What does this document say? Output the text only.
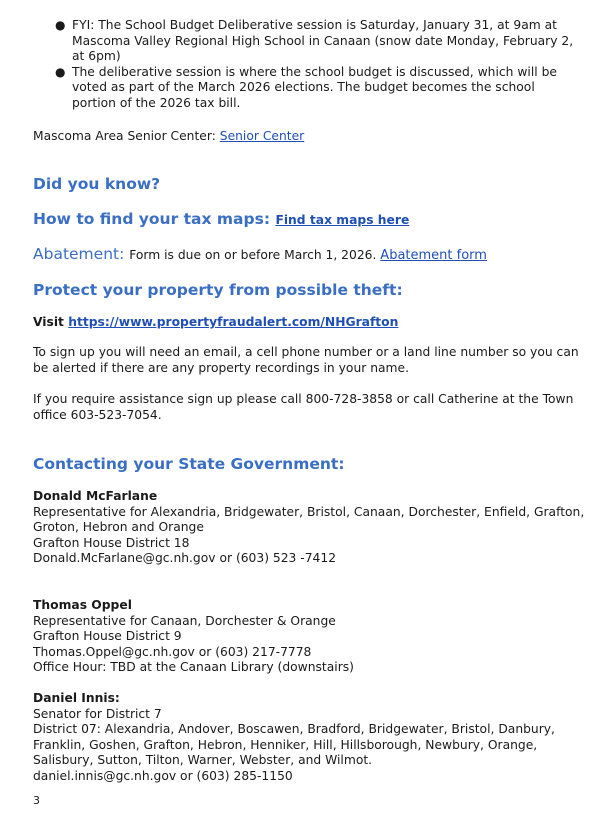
● FYI: The School Budget Deliberative session is Saturday, January 31, at 9am at Mascoma Valley Regional High School in Canaan (snow date Monday, February 2, at 6pm)
● The deliberative session is where the school budget is discussed, which will be voted as part of the March 2026 elections. The budget becomes the school portion of the 2026 tax bill.
Mascoma Area Senior Center: Senior Center
Did you know?
How to find your tax maps: Find tax maps here
Abatement: Form is due on or before March 1, 2026. Abatement form
Protect your property from possible theft:
Visit https://www.propertyfraudalert.com/NHGrafton
To sign up you will need an email, a cell phone number or a land line number so you can be alerted if there are any property recordings in your name.
If you require assistance sign up please call 800-728-3858 or call Catherine at the Town office 603-523-7054.
Contacting your State Government:
Donald McFarlane
Representative for Alexandria, Bridgewater, Bristol, Canaan, Dorchester, Enfield, Grafton, Groton, Hebron and Orange
Grafton House District 18
Donald.McFarlane@gc.nh.gov or (603) 523 -7412
Thomas Oppel
Representative for Canaan, Dorchester & Orange
Grafton House District 9
Thomas.Oppel@gc.nh.gov or (603) 217-7778
Office Hour: TBD at the Canaan Library (downstairs)
Daniel Innis:
Senator for District 7
District 07: Alexandria, Andover, Boscawen, Bradford, Bridgewater, Bristol, Danbury, Franklin, Goshen, Grafton, Hebron, Henniker, Hill, Hillsborough, Newbury, Orange, Salisbury, Sutton, Tilton, Warner, Webster, and Wilmot.
daniel.innis@gc.nh.gov or (603) 285-1150
3
